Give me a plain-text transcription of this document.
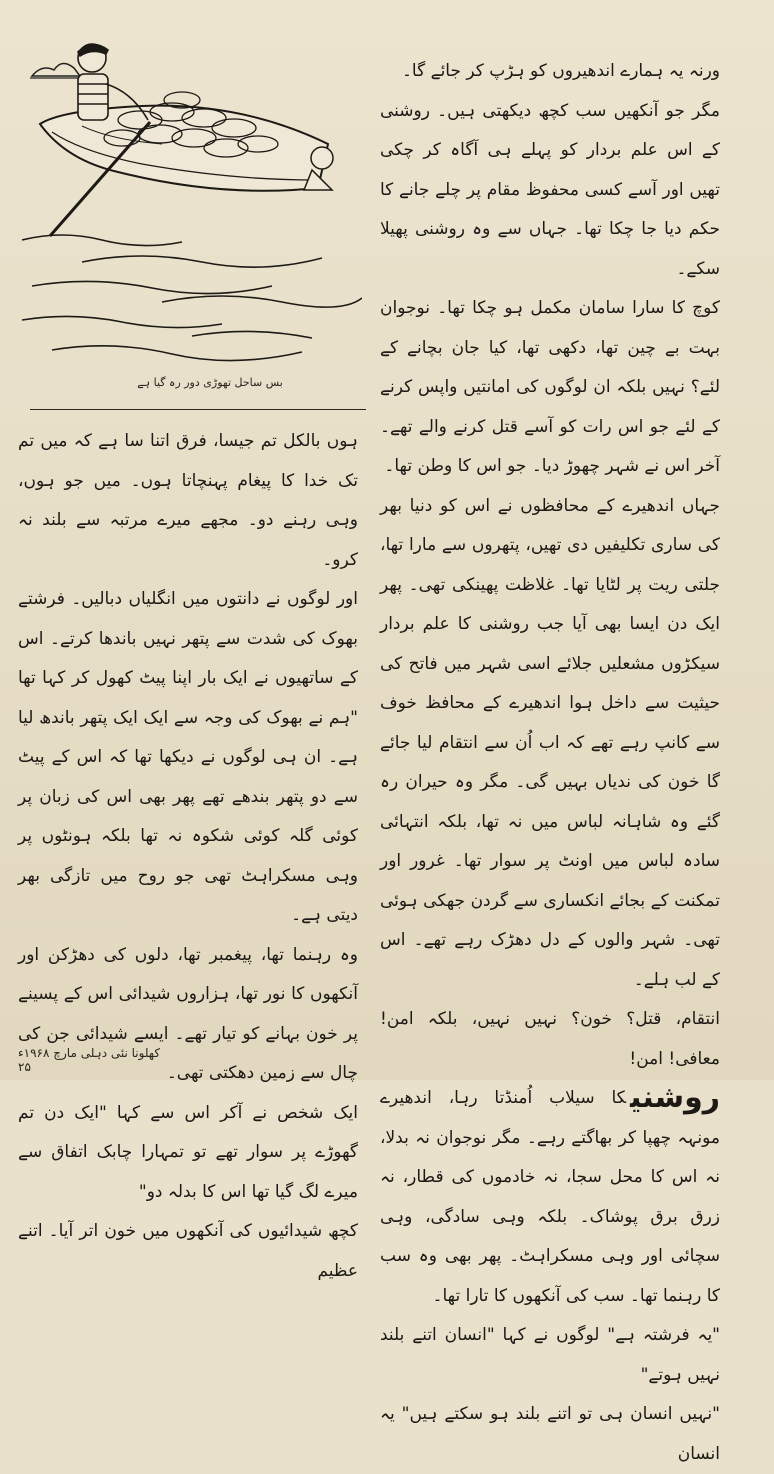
بس ساحل تھوڑی دور رہ گیا ہے

ورنہ یہ ہمارے اندھیروں کو ہڑپ کر جائے گا۔

مگر جو آنکھیں سب کچھ دیکھتی ہیں۔ روشنی کے اس علم بردار کو پہلے ہی آگاہ کر چکی تھیں اور آسے کسی محفوظ مقام پر چلے جانے کا حکم دیا جا چکا تھا۔ جہاں سے وہ روشنی پھیلا سکے۔

کوچ کا سارا سامان مکمل ہو چکا تھا۔ نوجوان بہت بے چین تھا، دکھی تھا، کیا جان بچانے کے لئے؟ نہیں بلکہ ان لوگوں کی امانتیں واپس کرنے کے لئے جو اس رات کو آسے قتل کرنے والے تھے۔ آخر اس نے شہر چھوڑ دیا۔ جو اس کا وطن تھا۔

جہاں اندھیرے کے محافظوں نے اس کو دنیا بھر کی ساری تکلیفیں دی تھیں، پتھروں سے مارا تھا، جلتی ریت پر لٹایا تھا۔ غلاظت پھینکی تھی۔ پھر ایک دن ایسا بھی آیا جب روشنی کا علم بردار سیکڑوں مشعلیں جلائے اسی شہر میں فاتح کی حیثیت سے داخل ہوا اندھیرے کے محافظ خوف سے کانپ رہے تھے کہ اب اُن سے انتقام لیا جائے گا خون کی ندیاں بہیں گی۔ مگر وہ حیران رہ گئے وہ شاہانہ لباس میں نہ تھا، بلکہ انتہائی سادہ لباس میں اونٹ پر سوار تھا۔ غرور اور تمکنت کے بجائے انکساری سے گردن جھکی ہوئی تھی۔ شہر والوں کے دل دھڑک رہے تھے۔ اس کے لب ہلے۔

انتقام، قتل؟ خون؟ نہیں نہیں، بلکہ امن! معافی! امن!

روشنیکا سیلاب اُمنڈتا رہا، اندھیرے مونہہ چھپا کر بھاگتے رہے۔ مگر نوجوان نہ بدلا، نہ اس کا محل سجا، نہ خادموں کی قطار، نہ زرق برق پوشاک۔ بلکہ وہی سادگی، وہی سچائی اور وہی مسکراہٹ۔ پھر بھی وہ سب کا رہنما تھا۔ سب کی آنکھوں کا تارا تھا۔

"یہ فرشتہ ہے" لوگوں نے کہا "انسان اتنے بلند نہیں ہوتے"

"نہیں انسان ہی تو اتنے بلند ہو سکتے ہیں" یہ انسان

ہوں بالکل تم جیسا، فرق اتنا سا ہے کہ میں تم تک خدا کا پیغام پہنچاتا ہوں۔ میں جو ہوں، وہی رہنے دو۔ مجھے میرے مرتبہ سے بلند نہ کرو۔

اور لوگوں نے دانتوں میں انگلیاں دبالیں۔ فرشتے بھوک کی شدت سے پتھر نہیں باندھا کرتے۔ اس کے ساتھیوں نے ایک بار اپنا پیٹ کھول کر کہا تھا "ہم نے بھوک کی وجہ سے ایک ایک پتھر باندھ لیا ہے۔ ان ہی لوگوں نے دیکھا تھا کہ اس کے پیٹ سے دو پتھر بندھے تھے پھر بھی اس کی زبان پر کوئی گلہ کوئی شکوہ نہ تھا بلکہ ہونٹوں پر وہی مسکراہٹ تھی جو روح میں تازگی بھر دیتی ہے۔

وہ رہنما تھا، پیغمبر تھا، دلوں کی دھڑکن اور آنکھوں کا نور تھا، ہزاروں شیدائی اس کے پسینے پر خون بہانے کو تیار تھے۔ ایسے شیدائی جن کی چال سے زمین دھکتی تھی۔

ایک شخص نے آکر اس سے کہا "ایک دن تم گھوڑے پر سوار تھے تو تمہارا چابک اتفاق سے میرے لگ گیا تھا اس کا بدلہ دو"

کچھ شیدائیوں کی آنکھوں میں خون اتر آیا۔ اتنے عظیم

کھلونا نئی دہلی مارچ ۱۹۶۸ء ۲۵
